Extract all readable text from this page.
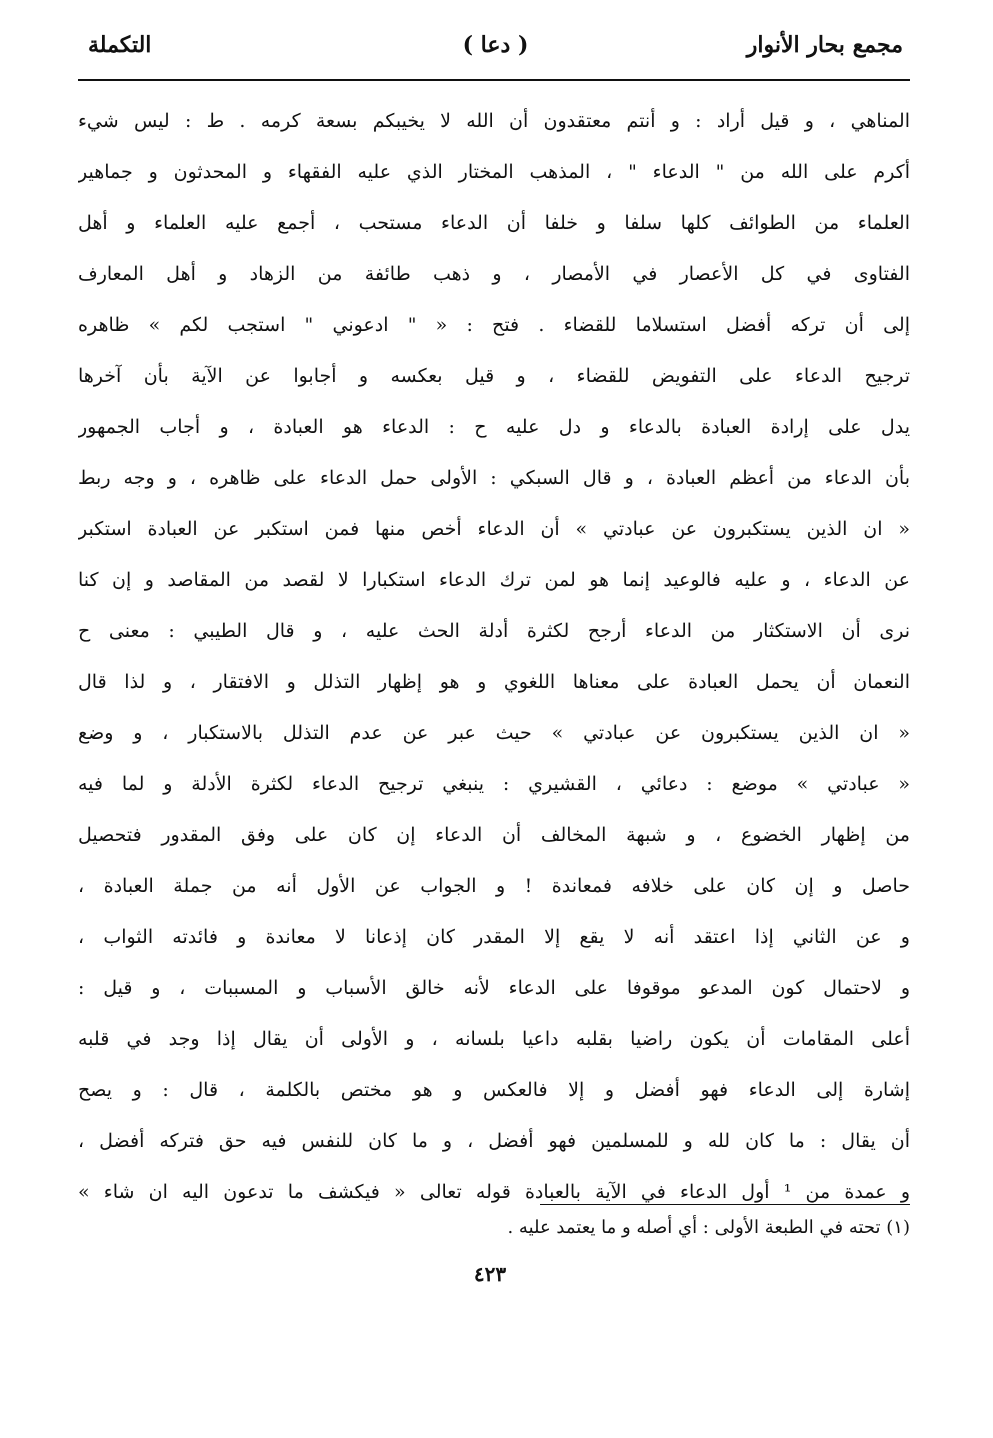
مجمع بحار الأنوار
( دعا )
التكملة
المناهي ، و قيل أراد : و أنتم معتقدون أن الله لا يخيبكم بسعة كرمه . ط : ليس شيء
أكرم على الله من " الدعاء " ، المذهب المختار الذي عليه الفقهاء و المحدثون و جماهير
العلماء من الطوائف كلها سلفا و خلفا أن الدعاء مستحب ، أجمع عليه العلماء و أهل
الفتاوى في كل الأعصار في الأمصار ، و ذهب طائفة من الزهاد و أهل المعارف
إلى أن تركه أفضل استسلاما للقضاء . فتح : « " ادعوني " استجب لكم » ظاهره
ترجيح الدعاء على التفويض للقضاء ، و قيل بعكسه و أجابوا عن الآية بأن آخرها
يدل على إرادة العبادة بالدعاء و دل عليه ح : الدعاء هو العبادة ، و أجاب الجمهور
بأن الدعاء من أعظم العبادة ، و قال السبكي : الأولى حمل الدعاء على ظاهره ، و وجه ربط
« ان الذين يستكبرون عن عبادتي » أن الدعاء أخص منها فمن استكبر عن العبادة استكبر
عن الدعاء ، و عليه فالوعيد إنما هو لمن ترك الدعاء استكبارا لا لقصد من المقاصد و إن كنا
نرى أن الاستكثار من الدعاء أرجح لكثرة أدلة الحث عليه ، و قال الطيبي : معنى ح
النعمان أن يحمل العبادة على معناها اللغوي و هو إظهار التذلل و الافتقار ، و لذا قال
« ان الذين يستكبرون عن عبادتي » حيث عبر عن عدم التذلل بالاستكبار ، و وضع
« عبادتي » موضع : دعائي ، القشيري : ينبغي ترجيح الدعاء لكثرة الأدلة و لما فيه
من إظهار الخضوع ، و شبهة المخالف أن الدعاء إن كان على وفق المقدور فتحصيل
حاصل و إن كان على خلافه فمعاندة ! و الجواب عن الأول أنه من جملة العبادة ،
و عن الثاني إذا اعتقد أنه لا يقع إلا المقدر كان إذعانا لا معاندة و فائدته الثواب ،
و لاحتمال كون المدعو موقوفا على الدعاء لأنه خالق الأسباب و المسببات ، و قيل :
أعلى المقامات أن يكون راضيا بقلبه داعيا بلسانه ، و الأولى أن يقال إذا وجد في قلبه
إشارة إلى الدعاء فهو أفضل و إلا فالعكس و هو مختص بالكلمة ، قال : و يصح
أن يقال : ما كان لله و للمسلمين فهو أفضل ، و ما كان للنفس فيه حق فتركه أفضل ،
و عمدة من ¹ أول الدعاء في الآية بالعبادة قوله تعالى « فيكشف ما تدعون اليه ان شاء »
(١) تحته في الطبعة الأولى : أي أصله و ما يعتمد عليه .
٤٢٣
